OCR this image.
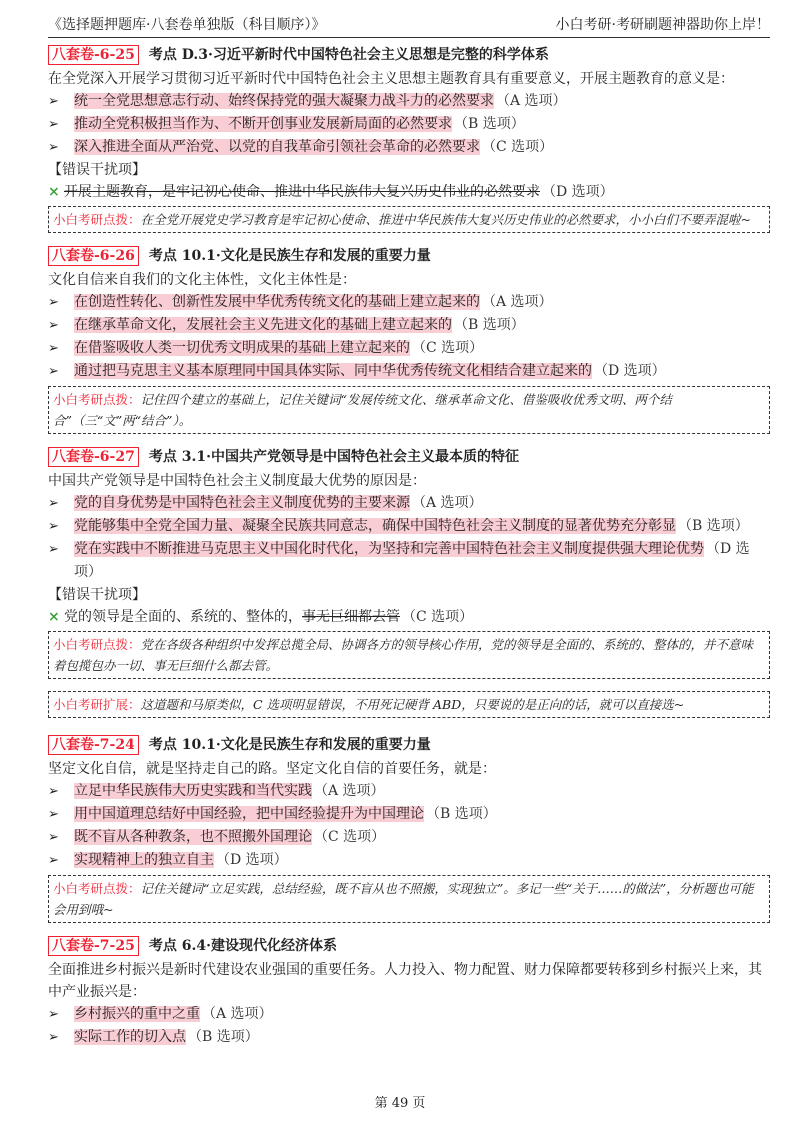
《选择题押题库·八套卷单独版（科目顺序）》	小白考研·考研刷题神器助你上岸！
八套卷-6-25 考点 D.3·习近平新时代中国特色社会主义思想是完整的科学体系
在全党深入开展学习贯彻习近平新时代中国特色社会主义思想主题教育具有重要意义，开展主题教育的意义是：
➢	统一全党思想意志行动、始终保持党的强大凝聚力战斗力的必然要求 （A 选项）
➢	推动全党积极担当作为、不断开创事业发展新局面的必然要求 （B 选项）
➢	深入推进全面从严治党、以党的自我革命引领社会革命的必然要求 （C 选项）
【错误干扰项】
× 开展主题教育，是牢记初心使命、推进中华民族伟大复兴历史伟业的必然要求 （D 选项）
小白考研点拨：在全党开展党史学习教育是牢记初心使命、推进中华民族伟大复兴历史伟业的必然要求，小小白们不要弄混啦~
八套卷-6-26 考点 10.1·文化是民族生存和发展的重要力量
文化自信来自我们的文化主体性，文化主体性是：
➢	在创造性转化、创新性发展中华优秀传统文化的基础上建立起来的 （A 选项）
➢	在继承革命文化，发展社会主义先进文化的基础上建立起来的 （B 选项）
➢	在借鉴吸收人类一切优秀文明成果的基础上建立起来的 （C 选项）
➢	通过把马克思主义基本原理同中国具体实际、同中华优秀传统文化相结合建立起来的 （D 选项）
小白考研点拨：记住四个建立的基础上，记住关键词“发展传统文化、继承革命文化、借鉴吸收优秀文明、两个结合”（三“文”两“结合”）。
八套卷-6-27 考点 3.1·中国共产党领导是中国特色社会主义最本质的特征
中国共产党领导是中国特色社会主义制度最大优势的原因是：
➢	党的自身优势是中国特色社会主义制度优势的主要来源 （A 选项）
➢	党能够集中全党全国力量、凝聚全民族共同意志，确保中国特色社会主义制度的显著优势充分彰显 （B 选项）
➢	党在实践中不断推进马克思主义中国化时代化，为坚持和完善中国特色社会主义制度提供强大理论优势 （D 选项）
【错误干扰项】
× 党的领导是全面的、系统的、整体的，事无巨细都去管 （C 选项）
小白考研点拨：党在各级各种组织中发挥总揽全局、协调各方的领导核心作用，党的领导是全面的、系统的、整体的，并不意味着包揽包办一切、事无巨细什么都去管。
小白考研扩展：这道题和马原类似，C 选项明显错误，不用死记硬背 ABD，只要说的是正向的话，就可以直接选~
八套卷-7-24 考点 10.1·文化是民族生存和发展的重要力量
坚定文化自信，就是坚持走自己的路。坚定文化自信的首要任务，就是：
➢	立足中华民族伟大历史实践和当代实践 （A 选项）
➢	用中国道理总结好中国经验，把中国经验提升为中国理论 （B 选项）
➢	既不盲从各种教条，也不照搬外国理论 （C 选项）
➢	实现精神上的独立自主 （D 选项）
小白考研点拨：记住关键词“立足实践，总结经验，既不盲从也不照搬，实现独立”。多记一些“关于……的做法”，分析题也可能会用到哦~
八套卷-7-25 考点 6.4·建设现代化经济体系
全面推进乡村振兴是新时代建设农业强国的重要任务。人力投入、物力配置、财力保障都要转移到乡村振兴上来，其中产业振兴是：
➢	乡村振兴的重中之重 （A 选项）
➢	实际工作的切入点 （B 选项）
第 49 页
